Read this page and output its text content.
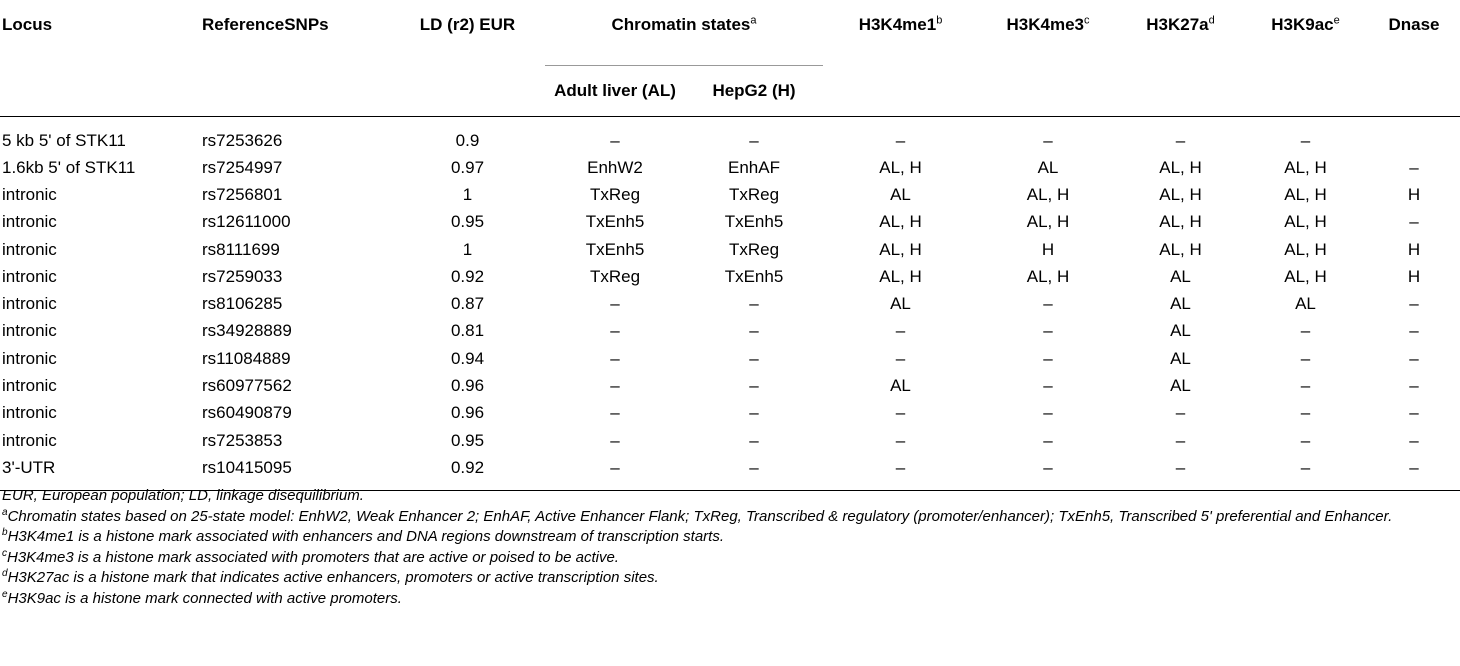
Locus	ReferenceSNPs	LD (r2) EUR	Chromatin states$^a$		H3K4me1$^b$	H3K4me3$^c$	$H3K27a^d$	$H3K9ac^e$	Dnase
			Adult liver (AL)	HepG2 (H)					
5 kb 5' of STK11	rs7253626	0.9	–	–	–	–	–	–	
1.6kb 5' of STK11	rs7254997	0.97	EnhW2	EnhAF	AL, H	AL	AL, H	AL, H	–
intronic	rs7256801	1	TxReg	TxReg	AL	AL, H	AL, H	AL, H	H
intronic	rs12611000	0.95	TxEnh5	TxEnh5	AL, H	AL, H	AL, H	AL, H	–
intronic	rs8111699	1	TxEnh5	TxReg	AL, H	H	AL, H	AL, H	H
intronic	rs7259033	0.92	TxReg	TxEnh5	AL, H	AL, H	AL	AL, H	H
intronic	rs8106285	0.87	–	–	AL	–	AL	AL	–
intronic	rs34928889	0.81	–	–	–	–	AL	–	–
intronic	rs11084889	0.94	–	–	–	–	AL	–	–
intronic	rs60977562	0.96	–	–	AL	–	AL	–	–
intronic	rs60490879	0.96	–	–	–	–	–	–	–
intronic	rs7253853	0.95	–	–	–	–	–	–	–
3'-UTR	rs10415095	0.92	–	–	–	–	–	–	–

EUR, European population; LD, linkage disequilibrium.

$^a$Chromatin states based on 25-state model: EnhW2, Weak Enhancer 2; EnhAF, Active Enhancer Flank; TxReg, Transcribed & regulatory (promoter/enhancer); TxEnh5, Transcribed 5' preferential and Enhancer.

$^b$H3K4me1 is a histone mark associated with enhancers and DNA regions downstream of transcription starts.

$^c$H3K4me3 is a histone mark associated with promoters that are active or poised to be active.

$^d$H3K27ac is a histone mark that indicates active enhancers, promoters or active transcription sites.

$^e$H3K9ac is a histone mark connected with active promoters.
